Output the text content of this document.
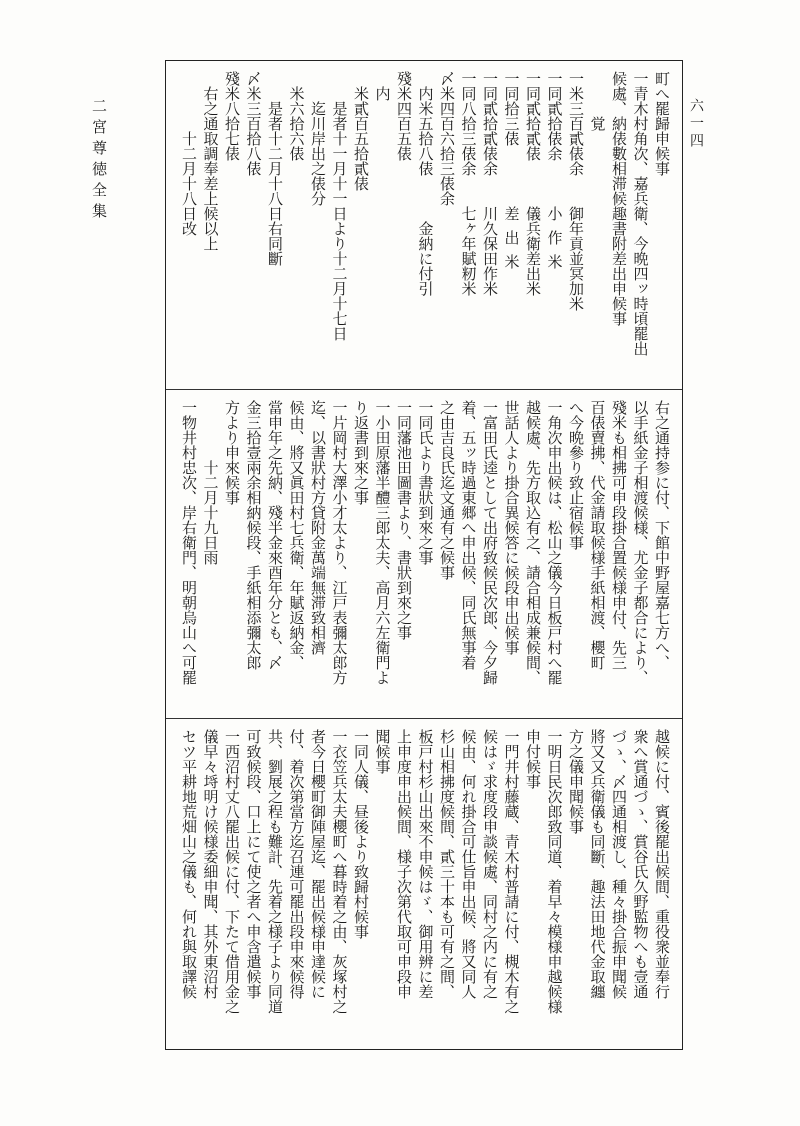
二宮尊徳全集	六一四
町へ罷歸申候事
一青木村角次、嘉兵衛、今晩四ッ時頃罷出
候處、納俵數相滞候趣書附差出申候事
覚
一米三百貳俵余御年貢並冥加米
一同貳拾俵余小作米
一同貳拾貳俵儀兵衛差出米
一同拾三俵差出米
一同貳拾貳俵余川久保田作米
一同八拾三俵余七ヶ年賦籾米
〆米四百六拾三俵余
内米五拾八俵金納に付引
殘米四百五俵
内
米貳百五拾貳俵
是者十一月十一日より十二月十七日
迄川岸出之俵分
米六拾六俵
是者十二月十八日右同斷
〆米三百拾八俵
殘米八拾七俵
右之通取調奉差上候以上
十二月十八日改
右之通持参に付、下館中野屋嘉七方へ、
以手紙金子相渡候様、尤金子都合により、
殘米も相拂可申段掛合置候様申付、先三
百俵賣拂、代金請取候様手紙相渡、櫻町
へ今晩參り致止宿候事
一角次申出候は、松山之儀今日板戸村へ罷
越候處、先方取込有之、請合相成兼候間、
世話人より掛合異候答に候段申出候事
一富田氏逵として出府致候民次郎、今夕歸
着、五ッ時過東郷へ申出候、同氏無事着
之由吉良氏迄文通有之候事
一同氏より書狀到來之事
一同藩池田圖書より、書狀到來之事
一小田原藩半醴三郎太夫、高月六左衛門よ
り返書到來之事
一片岡村大澤小才太より、江戸表彌太郎方
迄、以書狀村方貸附金萬端無滞致相濟
候由、將又眞田村七兵衛、年賦返納金、
當申年之先納、殘半金來酉年分とも、〆
金三拾壹兩余相納候段、手紙相添彌太郎
方より申來候事
十二月十九日雨
一物井村忠次、岸右衛門、明朝烏山へ可罷
越候に付、賓後罷出候間、重役衆並奉行
衆へ賞通づゝ、賞谷氏久野監物へも壹通
づゝ、〆四通相渡し、種々掛合振申聞候
將又又兵衛儀も同斷、趣法田地代金取纏
方之儀申聞候事
一明日民次郎致同道、着早々模様申越候様
申付候事
一門井村藤蔵、青木村普請に付、槻木有之
候はゞ求度段申談候處、同村之内に有之
候由、何れ掛合可仕旨申出候、將又同人
杉山相拂度候間、貳三十本も可有之間、
板戸村杉山出來不申候はゞ、御用辨に差
上申度申出候間、様子次第代取可申段申
聞候事
一同人儀、昼後より致歸村候事
一衣笠兵太夫櫻町へ暮時着之由、灰塚村之
者今日櫻町御陣屋迄、罷出候様申達候に
付、着次第當方迄召連可罷出段申來候得
共、劉展之程も難計、先着之様子より同道
可致候段、口上にて使之者へ申含遣候事
一西沼村丈八罷出候に付、下たて借用金之
儀早々埓明け候様委細申聞、其外東沼村
セツ平耕地荒畑山之儀も、何れ與取譯候
